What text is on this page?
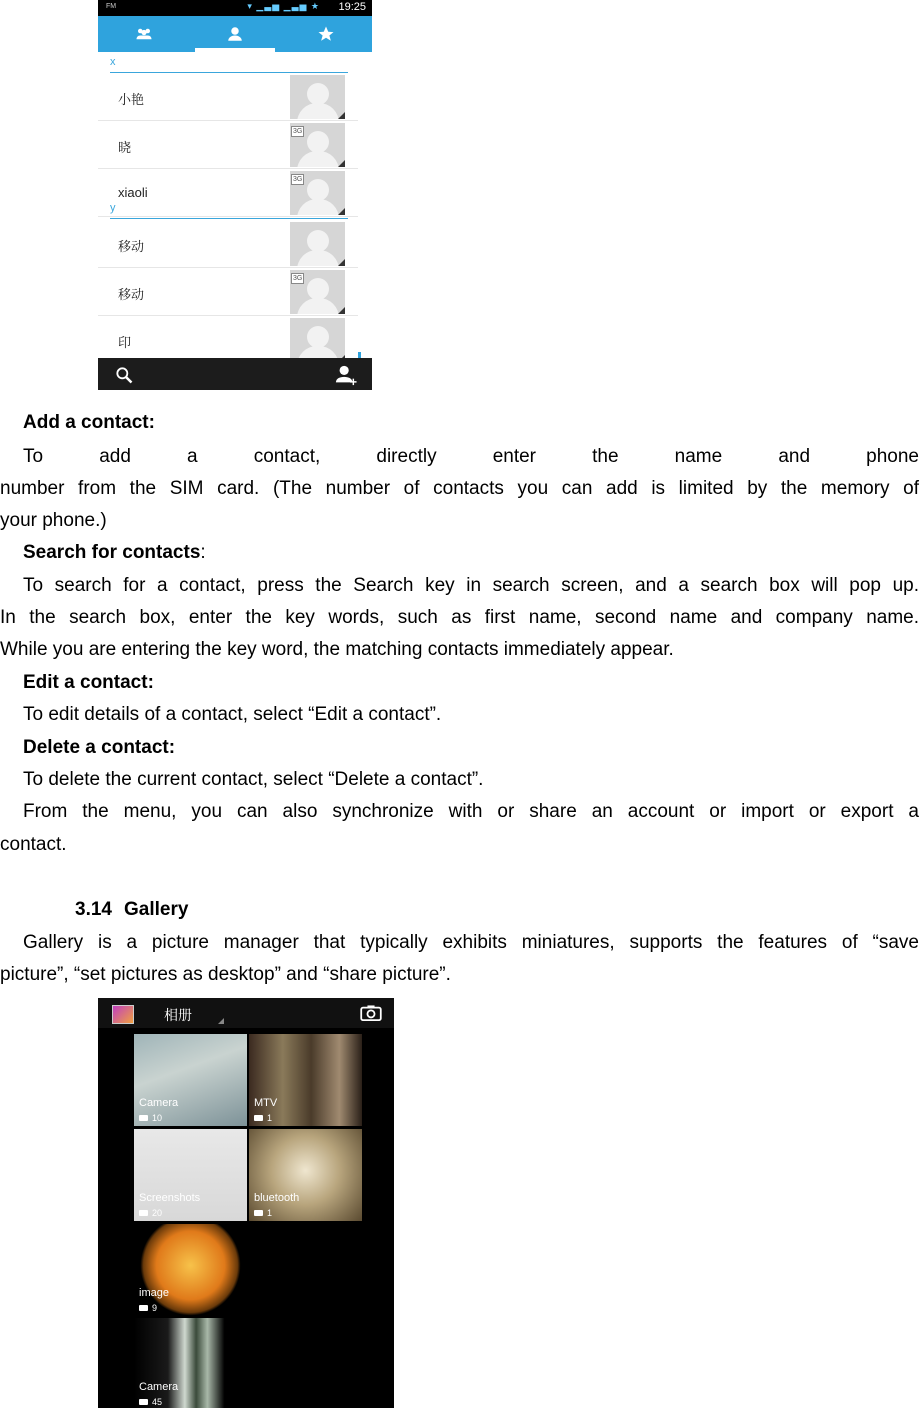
FM	▾ ▁▃▅ ▁▃▅ ★ 19:25
x
小艳
晓
3G
xiaoli
3G
y
移动
移动
3G
印
Add a contact:
To add a contact, directly enter the name and phone
number from the SIM card. (The number of contacts you can add is limited by the memory of
your phone.)
Search for contacts:
To search for a contact, press the Search key in search screen, and a search box will pop up.
In the search box, enter the key words, such as first name, second name and company name.
While you are entering the key word, the matching contacts immediately appear.
Edit a contact:
To edit details of a contact, select “Edit a contact”.
Delete a contact:
To delete the current contact, select “Delete a contact”.
From the menu, you can also synchronize with or share an account or import or export a
contact.
3.14 Gallery
Gallery is a picture manager that typically exhibits miniatures, supports the features of “save
picture”, “set pictures as desktop” and “share picture”.
相册
Camera
10
MTV
1
Screenshots
20
bluetooth
1
image
9
Camera
45
